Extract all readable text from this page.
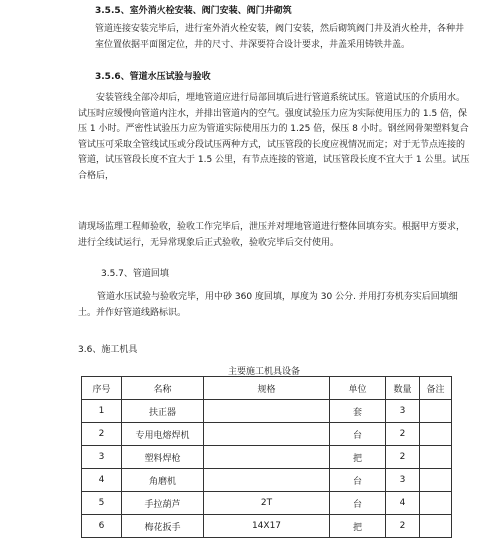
3.5.5、室外消火栓安装、阀门安装、阀门井砌筑
管道连接安装完毕后，进行室外消火栓安装，阀门安装，然后砌筑阀门井及消火栓井，各种井
室位置依据平面图定位，井的尺寸、井深要符合设计要求，井盖采用铸铁井盖。
3.5.6、管道水压试验与验收
安装管线全部冷却后，埋地管道应进行局部回填后进行管道系统试压。管道试压的介质用水。
试压时应缓慢向管道内注水，并排出管道内的空气。强度试验压力应为实际使用压力的 1.5 倍，保
压 1 小时。严密性试验压力应为管道实际使用压力的 1.25 倍，保压 8 小时。钢丝网骨架塑料复合
管试压可采取全管线试压或分段试压两种方式，试压管段的长度应视情况而定；对于无节点连接的
管道，试压管段长度不宜大于 1.5 公里，有节点连接的管道，试压管段长度不宜大于 1 公里。试压
合格后，
请现场监理工程师验收，验收工作完毕后，泄压并对埋地管道进行整体回填夯实。根据甲方要求，
进行全线试运行，无异常现象后正式验收，验收完毕后交付使用。
3.5.7、管道回填
管道水压试验与验收完毕，用中砂 360 度回填，厚度为 30 公分. 并用打夯机夯实后回填细
土。并作好管道线路标识。
3.6、施工机具
主要施工机具设备
序号	名称	规格	单位	数量	备注
1	扶正器		套	3	
2	专用电熔焊机		台	2	
3	塑料焊枪		把	2	
4	角磨机		台	3	
5	手拉葫芦	2T	台	4	
6	梅花扳手	14X17	把	2	
